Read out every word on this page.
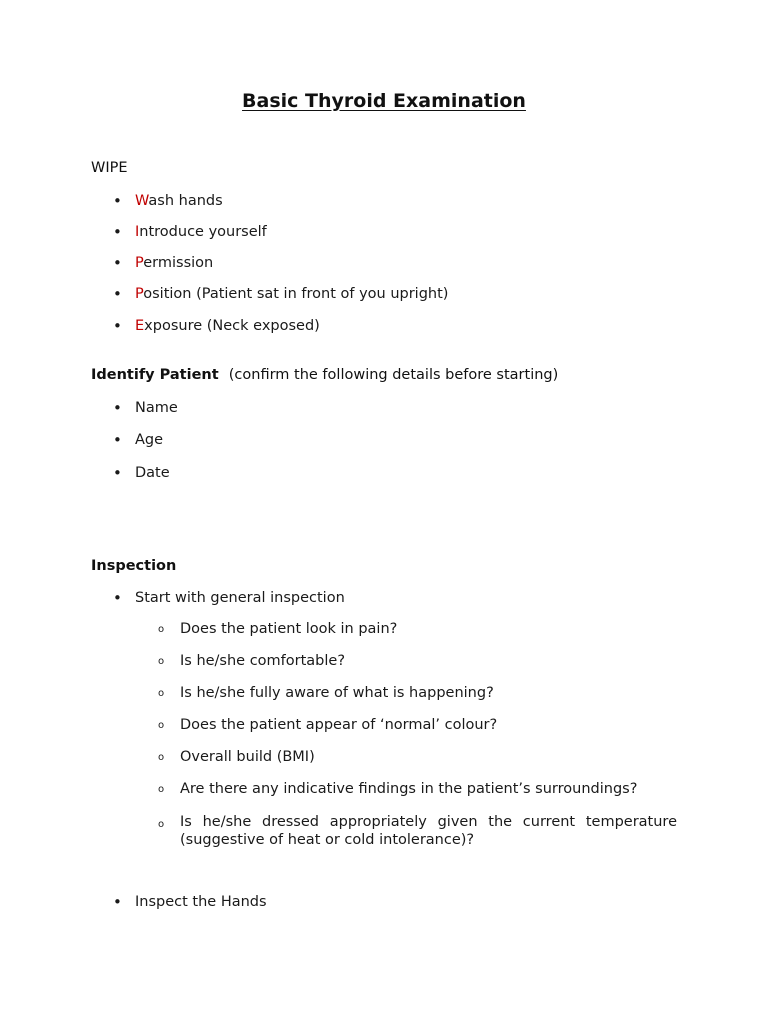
Basic Thyroid Examination
WIPE
• Wash hands
• Introduce yourself
• Permission
• Position (Patient sat in front of you upright)
• Exposure (Neck exposed)
Identify Patient (confirm the following details before starting)
• Name
• Age
• Date
Inspection
• Start with general inspection
o Does the patient look in pain?
o Is he/she comfortable?
o Is he/she fully aware of what is happening?
o Does the patient appear of ‘normal’ colour?
o Overall build (BMI)
o Are there any indicative findings in the patient’s surroundings?
o Is he/she dressed appropriately given the current temperature (suggestive of heat or cold intolerance)?
• Inspect the Hands
